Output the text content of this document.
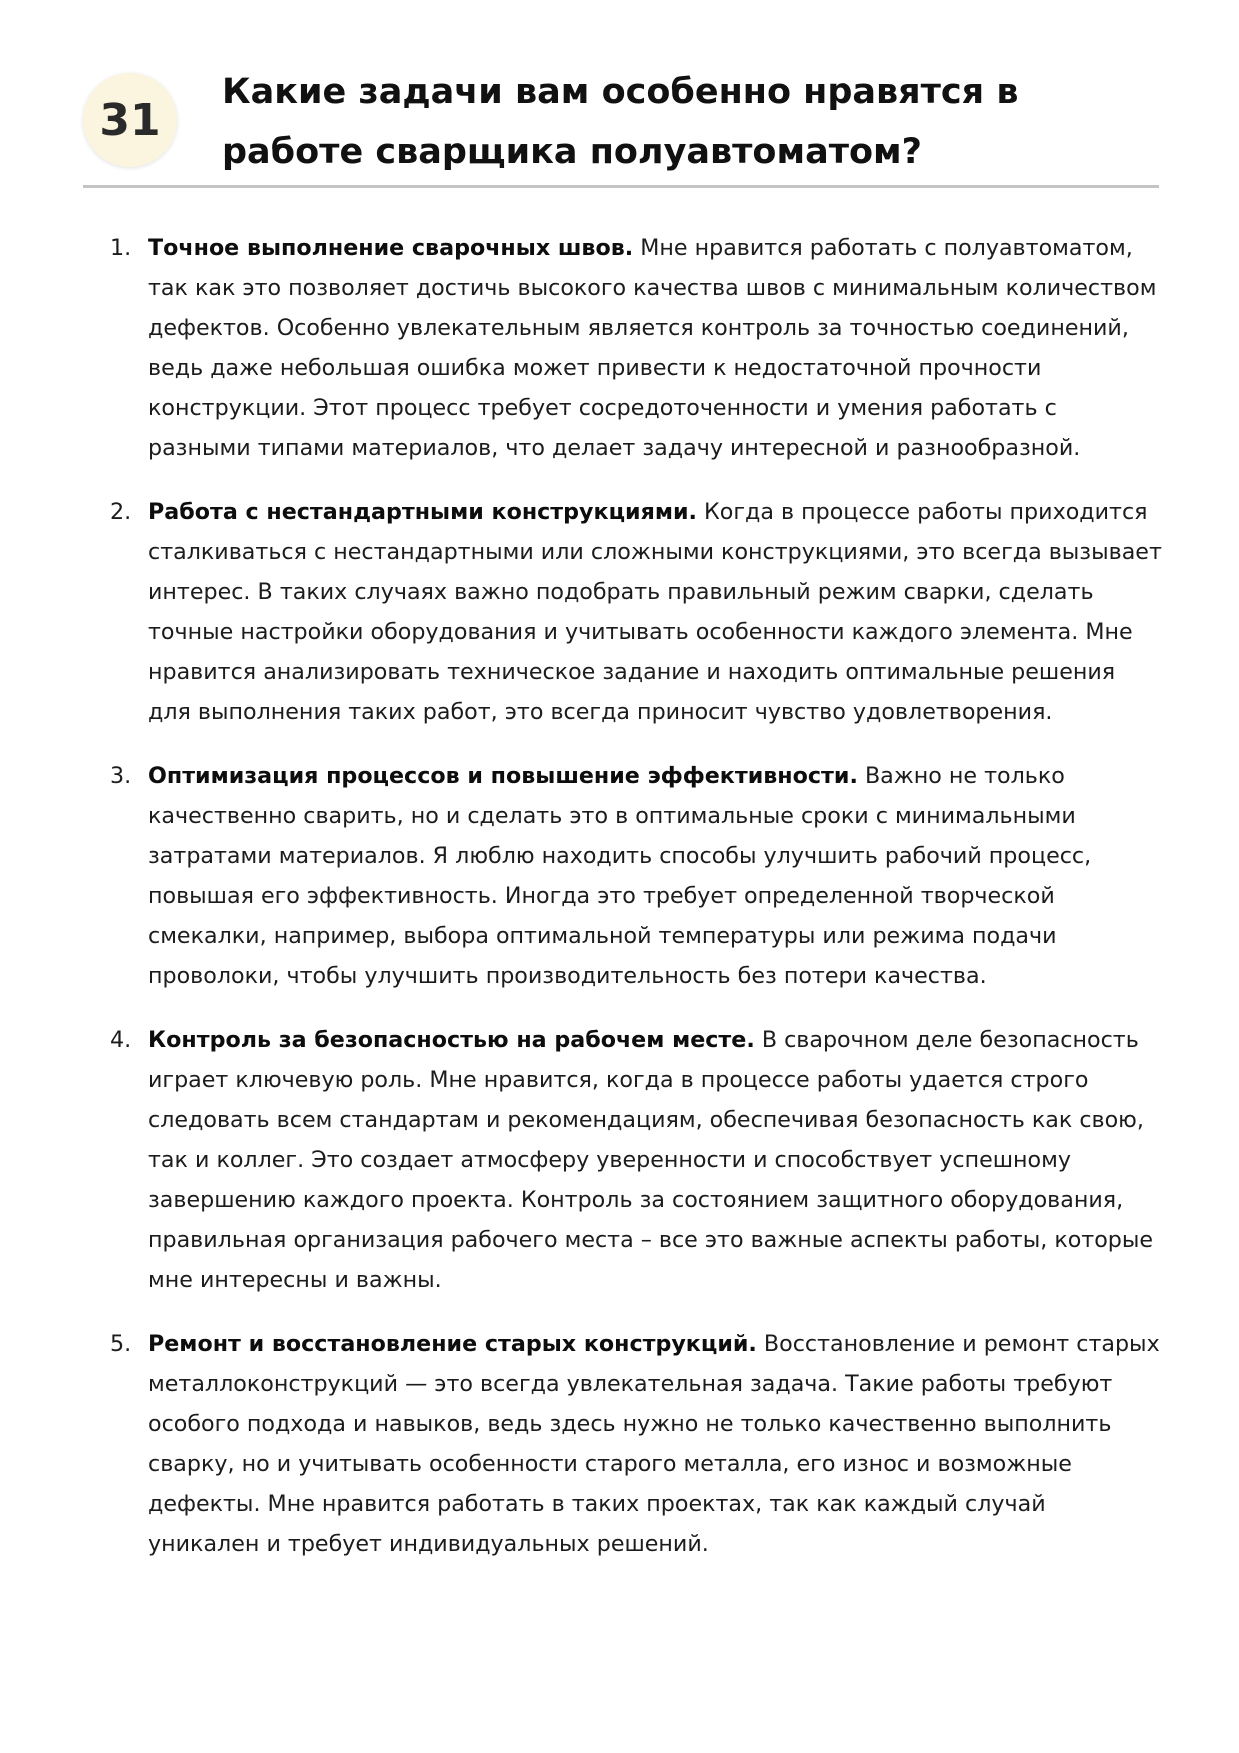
31
Какие задачи вам особенно нравятся в работе сварщика полуавтоматом?
1. Точное выполнение сварочных швов. Мне нравится работать с полуавтоматом, так как это позволяет достичь высокого качества швов с минимальным количеством дефектов. Особенно увлекательным является контроль за точностью соединений, ведь даже небольшая ошибка может привести к недостаточной прочности конструкции. Этот процесс требует сосредоточенности и умения работать с разными типами материалов, что делает задачу интересной и разнообразной.
2. Работа с нестандартными конструкциями. Когда в процессе работы приходится сталкиваться с нестандартными или сложными конструкциями, это всегда вызывает интерес. В таких случаях важно подобрать правильный режим сварки, сделать точные настройки оборудования и учитывать особенности каждого элемента. Мне нравится анализировать техническое задание и находить оптимальные решения для выполнения таких работ, это всегда приносит чувство удовлетворения.
3. Оптимизация процессов и повышение эффективности. Важно не только качественно сварить, но и сделать это в оптимальные сроки с минимальными затратами материалов. Я люблю находить способы улучшить рабочий процесс, повышая его эффективность. Иногда это требует определенной творческой смекалки, например, выбора оптимальной температуры или режима подачи проволоки, чтобы улучшить производительность без потери качества.
4. Контроль за безопасностью на рабочем месте. В сварочном деле безопасность играет ключевую роль. Мне нравится, когда в процессе работы удается строго следовать всем стандартам и рекомендациям, обеспечивая безопасность как свою, так и коллег. Это создает атмосферу уверенности и способствует успешному завершению каждого проекта. Контроль за состоянием защитного оборудования, правильная организация рабочего места – все это важные аспекты работы, которые мне интересны и важны.
5. Ремонт и восстановление старых конструкций. Восстановление и ремонт старых металлоконструкций — это всегда увлекательная задача. Такие работы требуют особого подхода и навыков, ведь здесь нужно не только качественно выполнить сварку, но и учитывать особенности старого металла, его износ и возможные дефекты. Мне нравится работать в таких проектах, так как каждый случай уникален и требует индивидуальных решений.
